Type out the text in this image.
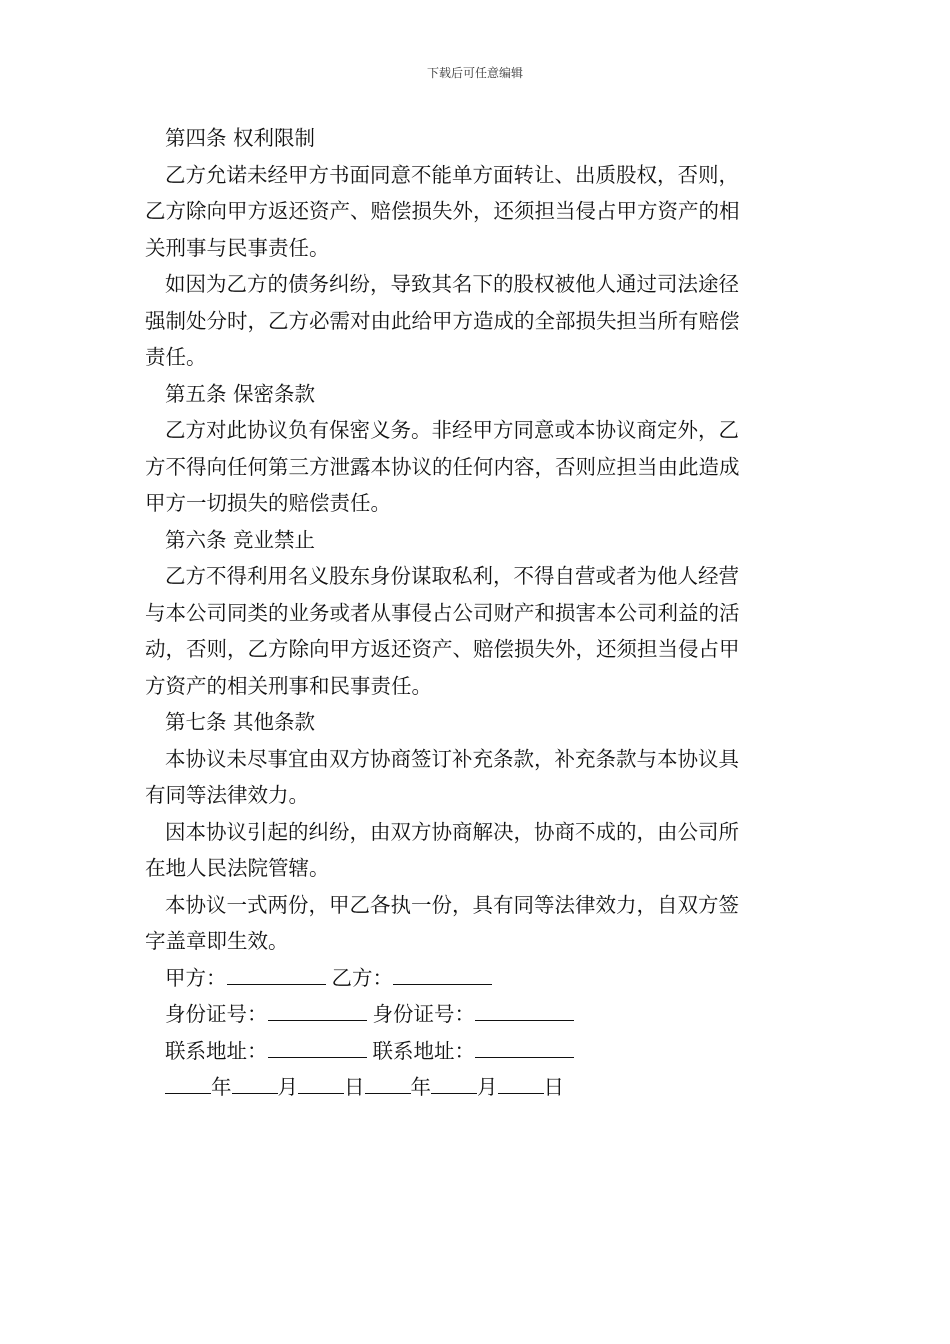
下载后可任意编辑
第四条 权利限制
乙方允诺未经甲方书面同意不能单方面转让、出质股权，否则，
乙方除向甲方返还资产、赔偿损失外，还须担当侵占甲方资产的相
关刑事与民事责任。
如因为乙方的债务纠纷，导致其名下的股权被他人通过司法途径
强制处分时，乙方必需对由此给甲方造成的全部损失担当所有赔偿
责任。
第五条 保密条款
乙方对此协议负有保密义务。非经甲方同意或本协议商定外，乙
方不得向任何第三方泄露本协议的任何内容，否则应担当由此造成
甲方一切损失的赔偿责任。
第六条 竞业禁止
乙方不得利用名义股东身份谋取私利，不得自营或者为他人经营
与本公司同类的业务或者从事侵占公司财产和损害本公司利益的活
动，否则，乙方除向甲方返还资产、赔偿损失外，还须担当侵占甲
方资产的相关刑事和民事责任。
第七条 其他条款
本协议未尽事宜由双方协商签订补充条款，补充条款与本协议具
有同等法律效力。
因本协议引起的纠纷，由双方协商解决，协商不成的，由公司所
在地人民法院管辖。
本协议一式两份，甲乙各执一份，具有同等法律效力，自双方签
字盖章即生效。
甲方：	乙方：
身份证号：	身份证号：
联系地址：	联系地址：
年 月 日 年 月 日
